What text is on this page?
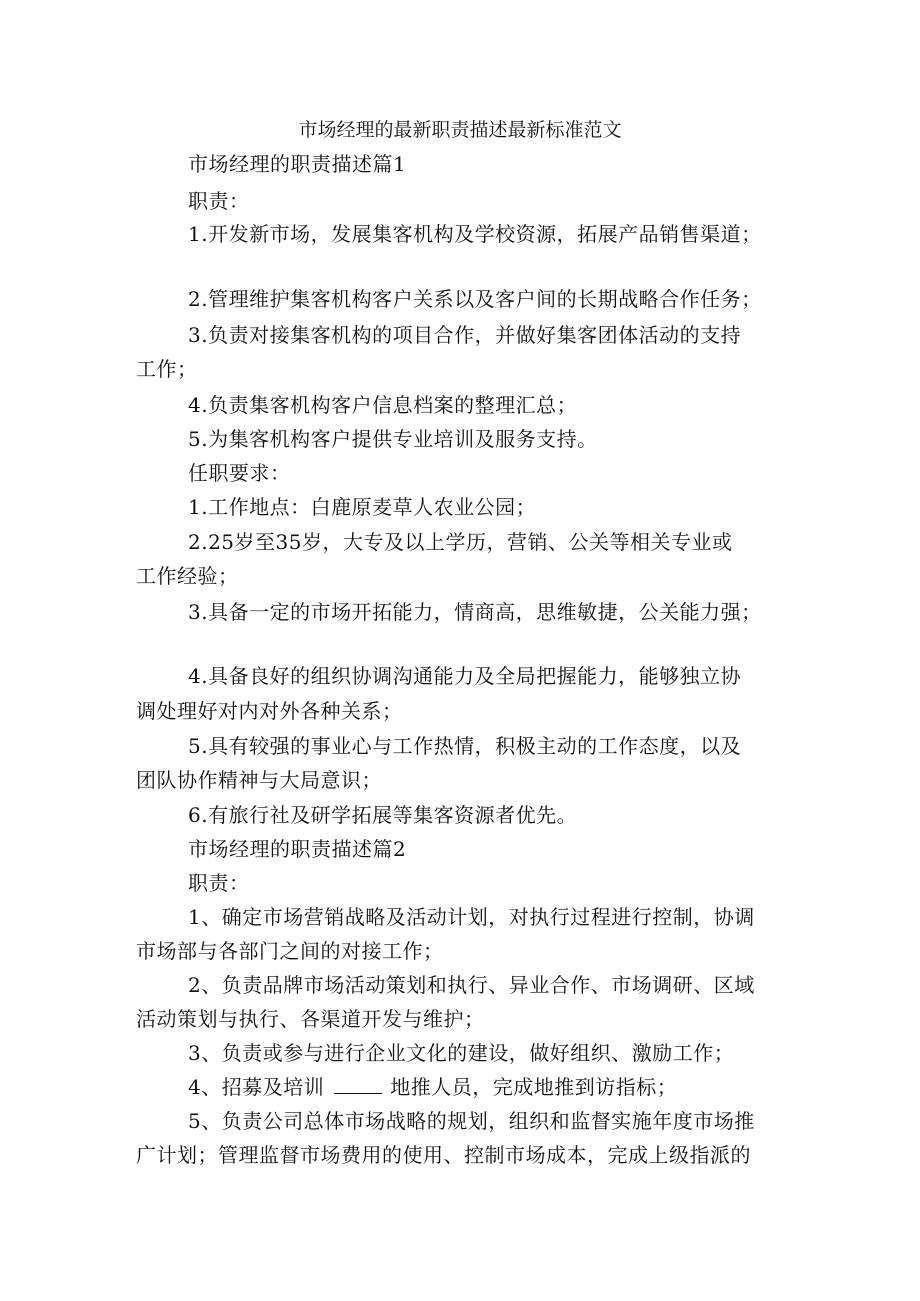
市场经理的最新职责描述最新标准范文
市场经理的职责描述篇1
职责：
1.开发新市场，发展集客机构及学校资源，拓展产品销售渠道；
2.管理维护集客机构客户关系以及客户间的长期战略合作任务；
3.负责对接集客机构的项目合作，并做好集客团体活动的支持
工作；
4.负责集客机构客户信息档案的整理汇总；
5.为集客机构客户提供专业培训及服务支持。
任职要求：
1.工作地点：白鹿原麦草人农业公园；
2.25岁至35岁，大专及以上学历，营销、公关等相关专业或
工作经验；
3.具备一定的市场开拓能力，情商高，思维敏捷，公关能力强；
4.具备良好的组织协调沟通能力及全局把握能力，能够独立协
调处理好对内对外各种关系；
5.具有较强的事业心与工作热情，积极主动的工作态度，以及
团队协作精神与大局意识；
6.有旅行社及研学拓展等集客资源者优先。
市场经理的职责描述篇2
职责：
1、确定市场营销战略及活动计划，对执行过程进行控制，协调
市场部与各部门之间的对接工作；
2、负责品牌市场活动策划和执行、异业合作、市场调研、区域
活动策划与执行、各渠道开发与维护；
3、负责或参与进行企业文化的建设，做好组织、激励工作；
4、招募及培训	地推人员，完成地推到访指标；
5、负责公司总体市场战略的规划，组织和监督实施年度市场推
广计划；管理监督市场费用的使用、控制市场成本，完成上级指派的
